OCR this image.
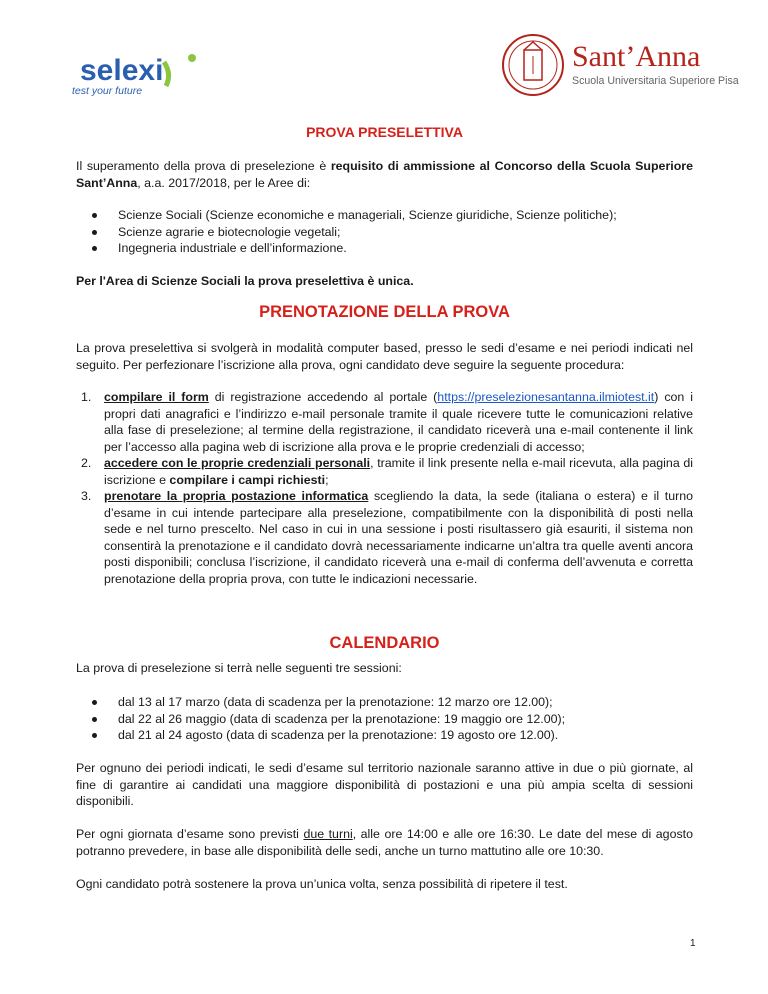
selexi
test your future
Sant’Anna
Scuola Universitaria Superiore Pisa
PROVA PRESELETTIVA

Il superamento della prova di preselezione è requisito di ammissione al Concorso della Scuola Superiore Sant’Anna, a.a. 2017/2018, per le Aree di:

Scienze Sociali (Scienze economiche e manageriali, Scienze giuridiche, Scienze politiche);
Scienze agrarie e biotecnologie vegetali;
Ingegneria industriale e dell’informazione.

Per l'Area di Scienze Sociali la prova preselettiva è unica.

PRENOTAZIONE DELLA PROVA

La prova preselettiva si svolgerà in modalità computer based, presso le sedi d’esame e nei periodi indicati nel seguito. Per perfezionare l’iscrizione alla prova, ogni candidato deve seguire la seguente procedura:

1. compilare il form di registrazione accedendo al portale (https://preselezionesantanna.ilmiotest.it) con i propri dati anagrafici e l’indirizzo e-mail personale tramite il quale ricevere tutte le comunicazioni relative alla fase di preselezione; al termine della registrazione, il candidato riceverà una e-mail contenente il link per l’accesso alla pagina web di iscrizione alla prova e le proprie credenziali di accesso;
2. accedere con le proprie credenziali personali, tramite il link presente nella e-mail ricevuta, alla pagina di iscrizione e compilare i campi richiesti;
3. prenotare la propria postazione informatica scegliendo la data, la sede (italiana o estera) e il turno d’esame in cui intende partecipare alla preselezione, compatibilmente con la disponibilità di posti nella sede e nel turno prescelto. Nel caso in cui in una sessione i posti risultassero già esauriti, il sistema non consentirà la prenotazione e il candidato dovrà necessariamente indicarne un’altra tra quelle aventi ancora posti disponibili; conclusa l’iscrizione, il candidato riceverà una e-mail di conferma dell’avvenuta e corretta prenotazione della propria prova, con tutte le indicazioni necessarie.
CALENDARIO

La prova di preselezione si terrà nelle seguenti tre sessioni:

dal 13 al 17 marzo (data di scadenza per la prenotazione: 12 marzo ore 12.00);
dal 22 al 26 maggio (data di scadenza per la prenotazione: 19 maggio ore 12.00);
dal 21 al 24 agosto (data di scadenza per la prenotazione: 19 agosto ore 12.00).

Per ognuno dei periodi indicati, le sedi d’esame sul territorio nazionale saranno attive in due o più giornate, al fine di garantire ai candidati una maggiore disponibilità di postazioni e una più ampia scelta di sessioni disponibili.

Per ogni giornata d’esame sono previsti due turni, alle ore 14:00 e alle ore 16:30. Le date del mese di agosto potranno prevedere, in base alle disponibilità delle sedi, anche un turno mattutino alle ore 10:30.

Ogni candidato potrà sostenere la prova un’unica volta, senza possibilità di ripetere il test.

1
